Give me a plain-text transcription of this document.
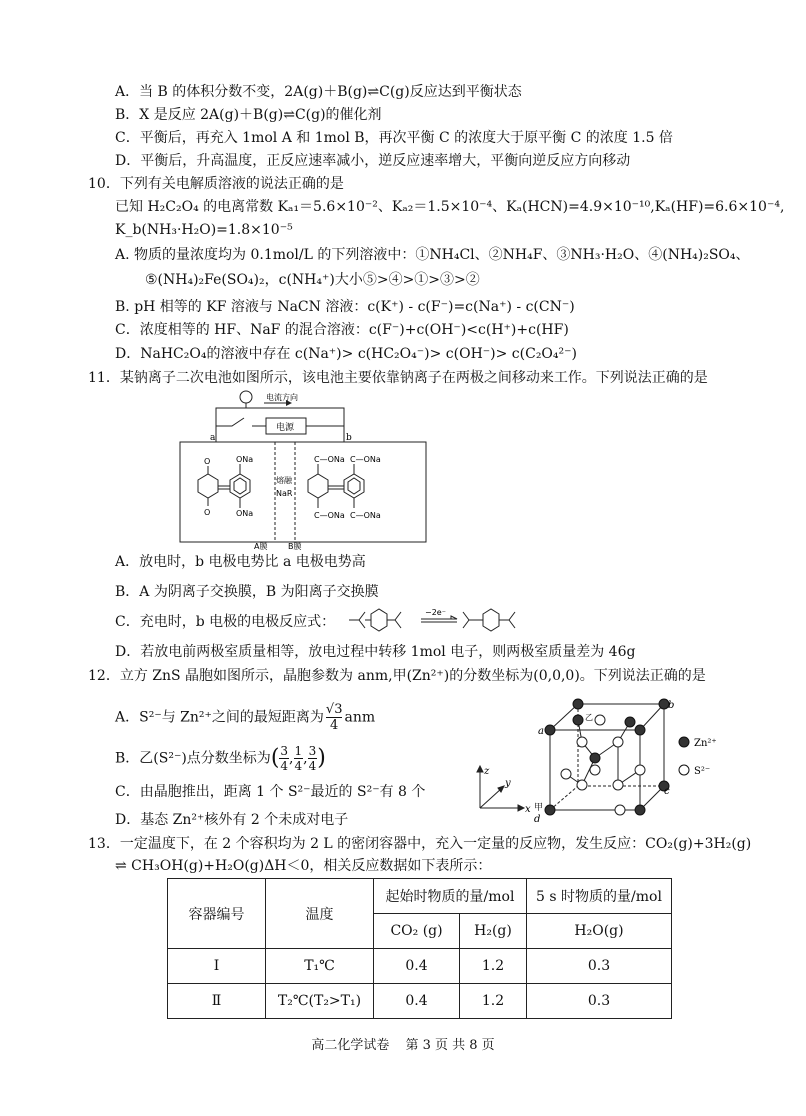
A．当 B 的体积分数不变，2A(g)＋B(g)⇌C(g)反应达到平衡状态
B．X 是反应 2A(g)＋B(g)⇌C(g)的催化剂
C．平衡后，再充入 1mol A 和 1mol B，再次平衡 C 的浓度大于原平衡 C 的浓度 1.5 倍
D．平衡后，升高温度，正反应速率减小，逆反应速率增大，平衡向逆反应方向移动
10．下列有关电解质溶液的说法正确的是
已知 H₂C₂O₄ 的电离常数 Kₐ₁＝5.6×10⁻²、Kₐ₂＝1.5×10⁻⁴、Kₐ(HCN)=4.9×10⁻¹⁰,Kₐ(HF)=6.6×10⁻⁴,
K_b(NH₃·H₂O)=1.8×10⁻⁵
A. 物质的量浓度均为 0.1mol/L 的下列溶液中：①NH₄Cl、②NH₄F、③NH₃·H₂O、④(NH₄)₂SO₄、
⑤(NH₄)₂Fe(SO₄)₂，c(NH₄⁺)大小⑤>④>①>③>②
B. pH 相等的 KF 溶液与 NaCN 溶液：c(K⁺) - c(F⁻)=c(Na⁺) - c(CN⁻)
C．浓度相等的 HF、NaF 的混合溶液：c(F⁻)+c(OH⁻)<c(H⁺)+c(HF)
D．NaHC₂O₄的溶液中存在 c(Na⁺)> c(HC₂O₄⁻)> c(OH⁻)> c(C₂O₄²⁻)
11．某钠离子二次电池如图所示，该电池主要依靠钠离子在两极之间移动来工作。下列说法正确的是
电流方向
电源
a	b
熔融
NaR
A膜	B膜
O
O
ONa
ONa
C—ONa C—ONa
C—ONa C—ONa
A．放电时，b 电极电势比 a 电极电势高
B．A 为阴离子交换膜，B 为阳离子交换膜
C．充电时，b 电极的电极反应式：
−2e⁻
D．若放电前两极室质量相等，放电过程中转移 1mol 电子，则两极室质量差为 46g
12．立方 ZnS 晶胞如图所示，晶胞参数为 anm,甲(Zn²⁺)的分数坐标为(0,0,0)。下列说法正确的是
A．S²⁻与 Zn²⁺之间的最短距离为 $\frac{√3}{4}$ anm
B．乙(S²⁻)点分数坐标为( $\frac{3}{4}$ , $\frac{1}{4}$ , $\frac{3}{4}$ )
C．由晶胞推出，距离 1 个 S²⁻最近的 S²⁻有 8 个
D．基态 Zn²⁺核外有 2 个未成对电子
z
y
x
a
b
c
d
甲
乙
Zn²⁺
S²⁻
13．一定温度下，在 2 个容积均为 2 L 的密闭容器中，充入一定量的反应物，发生反应：CO₂(g)+3H₂(g)
⇌ CH₃OH(g)+H₂O(g)ΔH＜0，相关反应数据如下表所示：
容器编号	温度	起始时物质的量/mol		5 s 时物质的量/mol
		CO₂ (g)	H₂(g)	H₂O(g)
Ⅰ	T₁℃	0.4	1.2	0.3
Ⅱ	T₂℃(T₂>T₁)	0.4	1.2	0.3
高二化学试卷 第 3 页 共 8 页
